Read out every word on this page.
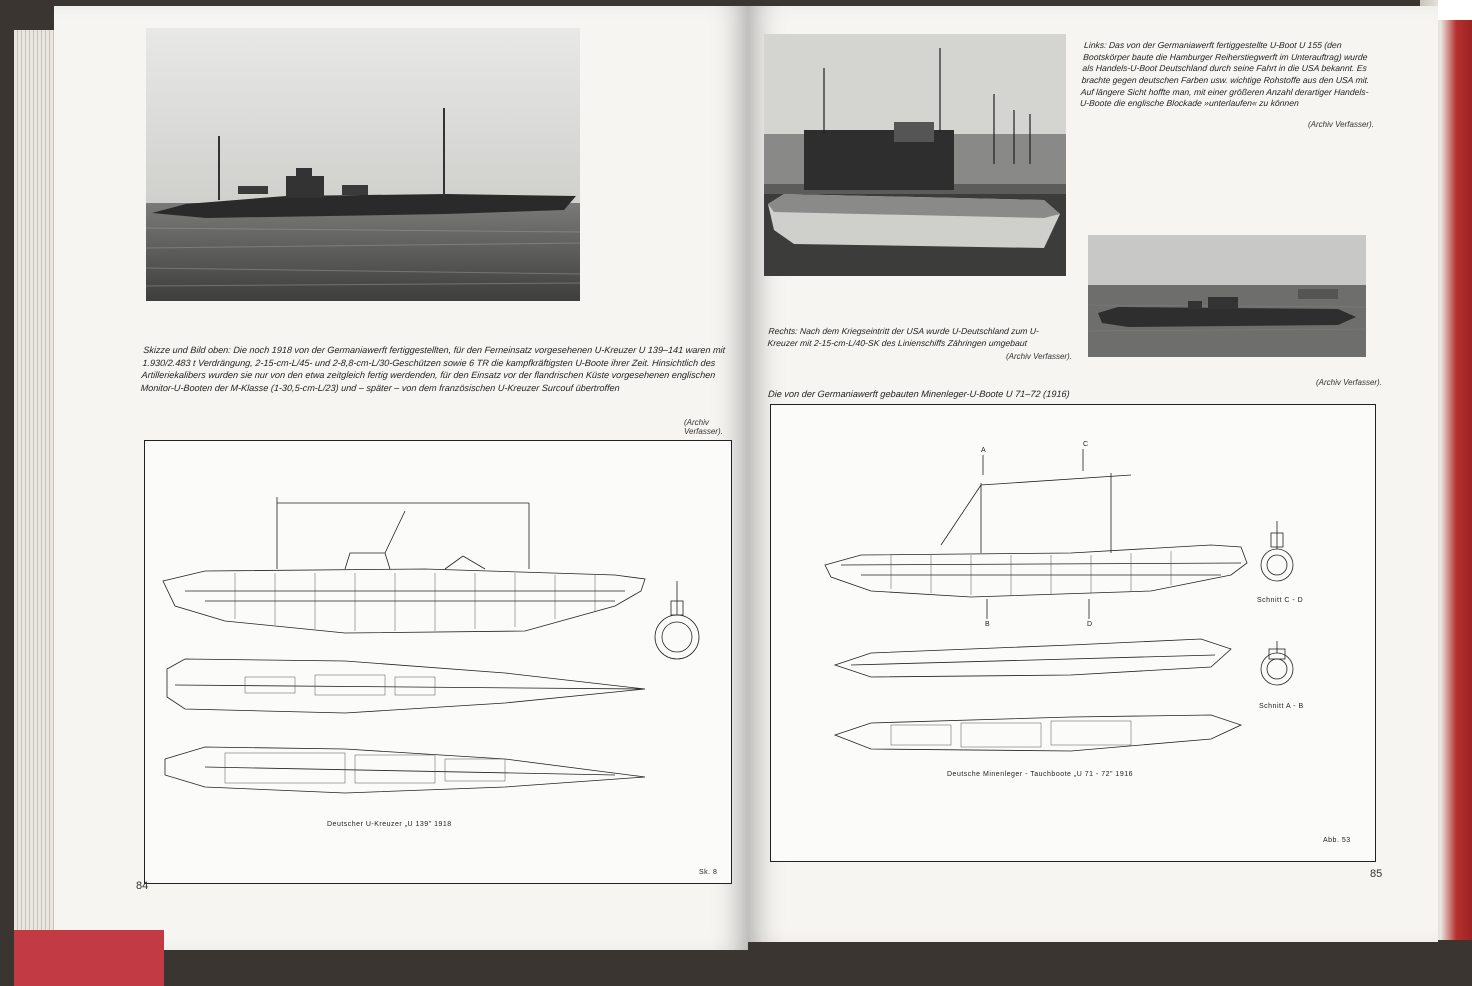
Skizze und Bild oben: Die noch 1918 von der Germaniawerft fertiggestellten, für den Ferneinsatz vorgesehenen U-Kreuzer U 139–141 waren mit 1.930/2.483 t Verdrängung, 2-15-cm-L/45- und 2-8,8-cm-L/30-Geschützen sowie 6 TR die kampfkräftigsten U-Boote ihrer Zeit. Hinsichtlich des Artilleriekalibers wurden sie nur von den etwa zeitgleich fertig werdenden, für den Einsatz vor der flandrischen Küste vorgesehenen englischen Monitor-U-Booten der M-Klasse (1-30,5-cm-L/23) und – später – von dem französischen U-Kreuzer Surcouf übertroffen
(Archiv Verfasser).
Deutscher U-Kreuzer „U 139" 1918
Sk. 8
84
Links: Das von der Germaniawerft fertiggestellte U-Boot U 155 (den Bootskörper baute die Hamburger Reiherstiegwerft im Unterauftrag) wurde als Handels-U-Boot Deutschland durch seine Fahrt in die USA bekannt. Es brachte gegen deutschen Farben usw. wichtige Rohstoffe aus den USA mit. Auf längere Sicht hoffte man, mit einer größeren Anzahl derartiger Handels-U-Boote die englische Blockade »unterlaufen« zu können
(Archiv Verfasser).
Rechts: Nach dem Kriegseintritt der USA wurde U-Deutschland zum U-Kreuzer mit 2-15-cm-L/40-SK des Linienschiffs Zähringen umgebaut
(Archiv Verfasser).
(Archiv Verfasser).
Die von der Germaniawerft gebauten Minenleger-U-Boote U 71–72 (1916)
A
C
B	D
Schnitt C - D
Schnitt A - B
Deutsche Minenleger - Tauchboote „U 71 - 72" 1916
Abb. 53
85
